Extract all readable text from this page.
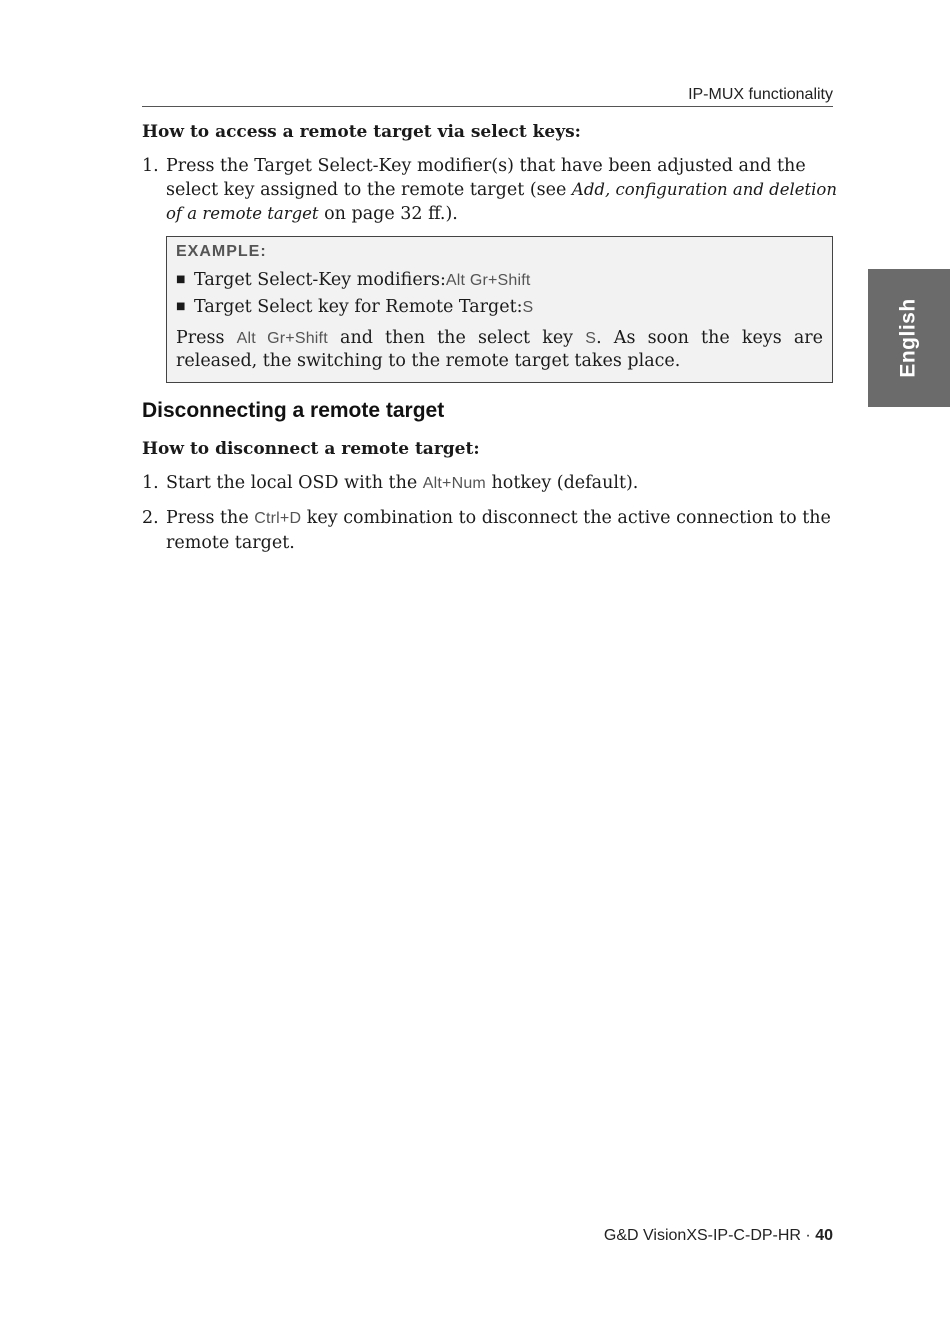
IP-MUX functionality
English

How to access a remote target via select keys:

1. Press the Target Select-Key modifier(s) that have been adjusted and the select key assigned to the remote target (see Add, configuration and deletion of a remote target on page 32 ff.).
EXAMPLE:
■ Target Select-Key modifiers:Alt Gr+Shift
■ Target Select key for Remote Target:S
Press Alt Gr+Shift and then the select key S. As soon the keys are released, the switching to the remote target takes place.
Disconnecting a remote target

How to disconnect a remote target:

1. Start the local OSD with the Alt+Num hotkey (default).
2. Press the Ctrl+D key combination to disconnect the active connection to the remote target.
G&D VisionXS-IP-C-DP-HR · 40
